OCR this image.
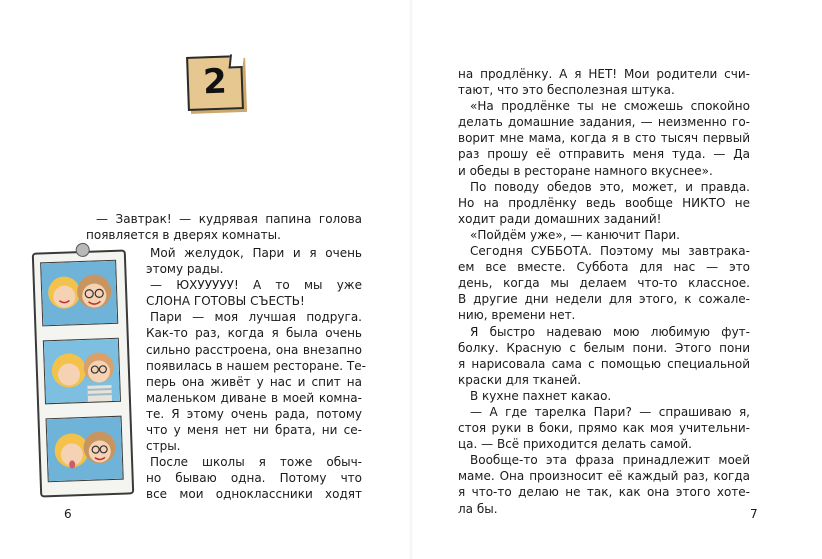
2
— Завтрак! — кудрявая папина голова
появляется в дверях комнаты.
Мой желудок, Пари и я очень
этому рады.
— ЮХУУУУУ! А то мы уже
СЛОНА ГОТОВЫ СЪЕСТЬ!
Пари — моя лучшая подруга.
Как-то раз, когда я была очень
сильно расстроена, она внезапно
появилась в нашем ресторане. Те-
перь она живёт у нас и спит на
маленьком диване в моей комна-
те. Я этому очень рада, потому
что у меня нет ни брата, ни се-
стры.
После школы я тоже обыч-
но бываю одна. Потому что
все мои одноклассники ходят
6
на продлёнку. А я НЕТ! Мои родители счи-
тают, что это бесполезная штука.
«На продлёнке ты не сможешь спокойно
делать домашние задания, — неизменно го-
ворит мне мама, когда я в сто тысяч первый
раз прошу её отправить меня туда. — Да
и обеды в ресторане намного вкуснее».
По поводу обедов это, может, и правда.
Но на продлёнку ведь вообще НИКТО не
ходит ради домашних заданий!
«Пойдём уже», — канючит Пари.
Сегодня СУББОТА. Поэтому мы завтрака-
ем все вместе. Суббота для нас — это
день, когда мы делаем что-то классное.
В другие дни недели для этого, к сожале-
нию, времени нет.
Я быстро надеваю мою любимую фут-
болку. Красную с белым пони. Этого пони
я нарисовала сама с помощью специальной
краски для тканей.
В кухне пахнет какао.
— А где тарелка Пари? — спрашиваю я,
стоя руки в боки, прямо как моя учительни-
ца. — Всё приходится делать самой.
Вообще-то эта фраза принадлежит моей
маме. Она произносит её каждый раз, когда
я что-то делаю не так, как она этого хоте-
ла бы.	7
